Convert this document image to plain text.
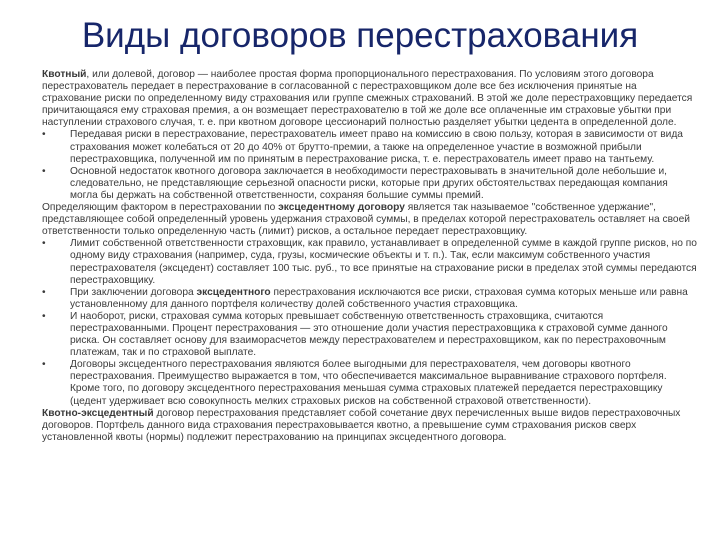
Виды договоров перестрахования

Квотный, или долевой, договор — наиболее простая форма пропорционального перестрахования. По условиям этого договора перестрахователь передает в перестрахование в согласованной с перестраховщиком доле все без исключения принятые на страхование риски по определенному виду страхования или группе смежных страхований. В этой же доле перестраховщику передается причитающаяся ему страховая премия, а он возмещает перестрахователю в той же доле все оплаченные им страховые убытки при наступлении страхового случая, т. е. при квотном договоре цессионарий полностью разделяет убытки цедента в определенной доле.

• Передавая риски в перестрахование, перестрахователь имеет право на комиссию в свою пользу, которая в зависимости от вида страхования может колебаться от 20 до 40% от брутто-премии, а также на определенное участие в возможной прибыли перестраховщика, полученной им по принятым в перестрахование риска, т. е. перестрахователь имеет право на тантьему.

• Основной недостаток квотного договора заключается в необходимости перестраховывать в значительной доле небольшие и, следовательно, не представляющие серьезной опасности риски, которые при других обстоятельствах передающая компания могла бы держать на собственной ответственности, сохраняя большие суммы премий.

Определяющим фактором в перестраховании по эксцедентному договору является так называемое "собственное удержание", представляющее собой определенный уровень удержания страховой суммы, в пределах которой перестрахователь оставляет на своей ответственности только определенную часть (лимит) рисков, а остальное передает перестраховщику.

• Лимит собственной ответственности страховщик, как правило, устанавливает в определенной сумме в каждой группе рисков, но по одному виду страхования (например, суда, грузы, космические объекты и т. п.). Так, если максимум собственного участия перестрахователя (эксцедент) составляет 100 тыс. руб., то все принятые на страхование риски в пределах этой суммы передаются перестраховщику.

• При заключении договора эксцедентного перестрахования исключаются все риски, страховая сумма которых меньше или равна установленному для данного портфеля количеству долей собственного участия страховщика.

• И наоборот, риски, страховая сумма которых превышает собственную ответственность страховщика, считаются перестрахованными. Процент перестрахования — это отношение доли участия перестраховщика к страховой сумме данного риска. Он составляет основу для взаиморасчетов между перестрахователем и перестраховщиком, как по перестраховочным платежам, так и по страховой выплате.

• Договоры эксцедентного перестрахования являются более выгодными для перестрахователя, чем договоры квотного перестрахования. Преимущество выражается в том, что обеспечивается максимальное выравнивание страхового портфеля. Кроме того, по договору эксцедентного перестрахования меньшая сумма страховых платежей передается перестраховщику (цедент удерживает всю совокупность мелких страховых рисков на собственной страховой ответственности).

Квотно-эксцедентный договор перестрахования представляет собой сочетание двух перечисленных выше видов перестраховочных договоров. Портфель данного вида страхования перестраховывается квотно, а превышение сумм страхования рисков сверх установленной квоты (нормы) подлежит перестрахованию на принципах эксцедентного договора.
